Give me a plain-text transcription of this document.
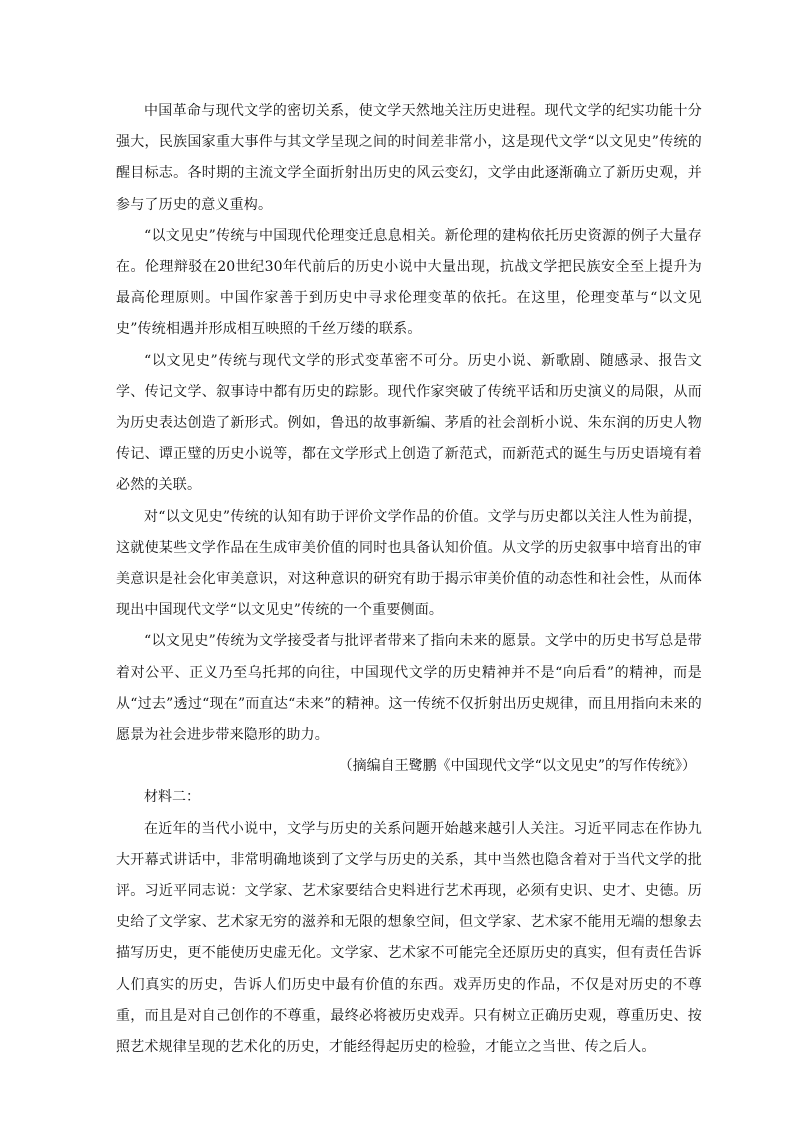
中国革命与现代文学的密切关系，使文学天然地关注历史进程。现代文学的纪实功能十分强大，民族国家重大事件与其文学呈现之间的时间差非常小，这是现代文学“以文见史”传统的醒目标志。各时期的主流文学全面折射出历史的风云变幻，文学由此逐渐确立了新历史观，并参与了历史的意义重构。

“以文见史”传统与中国现代伦理变迁息息相关。新伦理的建构依托历史资源的例子大量存在。伦理辩驳在20世纪30年代前后的历史小说中大量出现，抗战文学把民族安全至上提升为最高伦理原则。中国作家善于到历史中寻求伦理变革的依托。在这里，伦理变革与“以文见史”传统相遇并形成相互映照的千丝万缕的联系。

“以文见史”传统与现代文学的形式变革密不可分。历史小说、新歌剧、随感录、报告文学、传记文学、叙事诗中都有历史的踪影。现代作家突破了传统平话和历史演义的局限，从而为历史表达创造了新形式。例如，鲁迅的故事新编、茅盾的社会剖析小说、朱东润的历史人物传记、谭正璧的历史小说等，都在文学形式上创造了新范式，而新范式的诞生与历史语境有着必然的关联。

对“以文见史”传统的认知有助于评价文学作品的价值。文学与历史都以关注人性为前提，这就使某些文学作品在生成审美价值的同时也具备认知价值。从文学的历史叙事中培育出的审美意识是社会化审美意识，对这种意识的研究有助于揭示审美价值的动态性和社会性，从而体现出中国现代文学“以文见史”传统的一个重要侧面。

“以文见史”传统为文学接受者与批评者带来了指向未来的愿景。文学中的历史书写总是带着对公平、正义乃至乌托邦的向往，中国现代文学的历史精神并不是“向后看”的精神，而是从“过去”透过“现在”而直达“未来”的精神。这一传统不仅折射出历史规律，而且用指向未来的愿景为社会进步带来隐形的助力。

（摘编自王鹭鹏《中国现代文学“以文见史”的写作传统》）

材料二：

在近年的当代小说中，文学与历史的关系问题开始越来越引人关注。习近平同志在作协九大开幕式讲话中，非常明确地谈到了文学与历史的关系，其中当然也隐含着对于当代文学的批评。习近平同志说：文学家、艺术家要结合史料进行艺术再现，必须有史识、史才、史德。历史给了文学家、艺术家无穷的滋养和无限的想象空间，但文学家、艺术家不能用无端的想象去描写历史，更不能使历史虚无化。文学家、艺术家不可能完全还原历史的真实，但有责任告诉人们真实的历史，告诉人们历史中最有价值的东西。戏弄历史的作品，不仅是对历史的不尊重，而且是对自己创作的不尊重，最终必将被历史戏弄。只有树立正确历史观，尊重历史、按照艺术规律呈现的艺术化的历史，才能经得起历史的检验，才能立之当世、传之后人。
